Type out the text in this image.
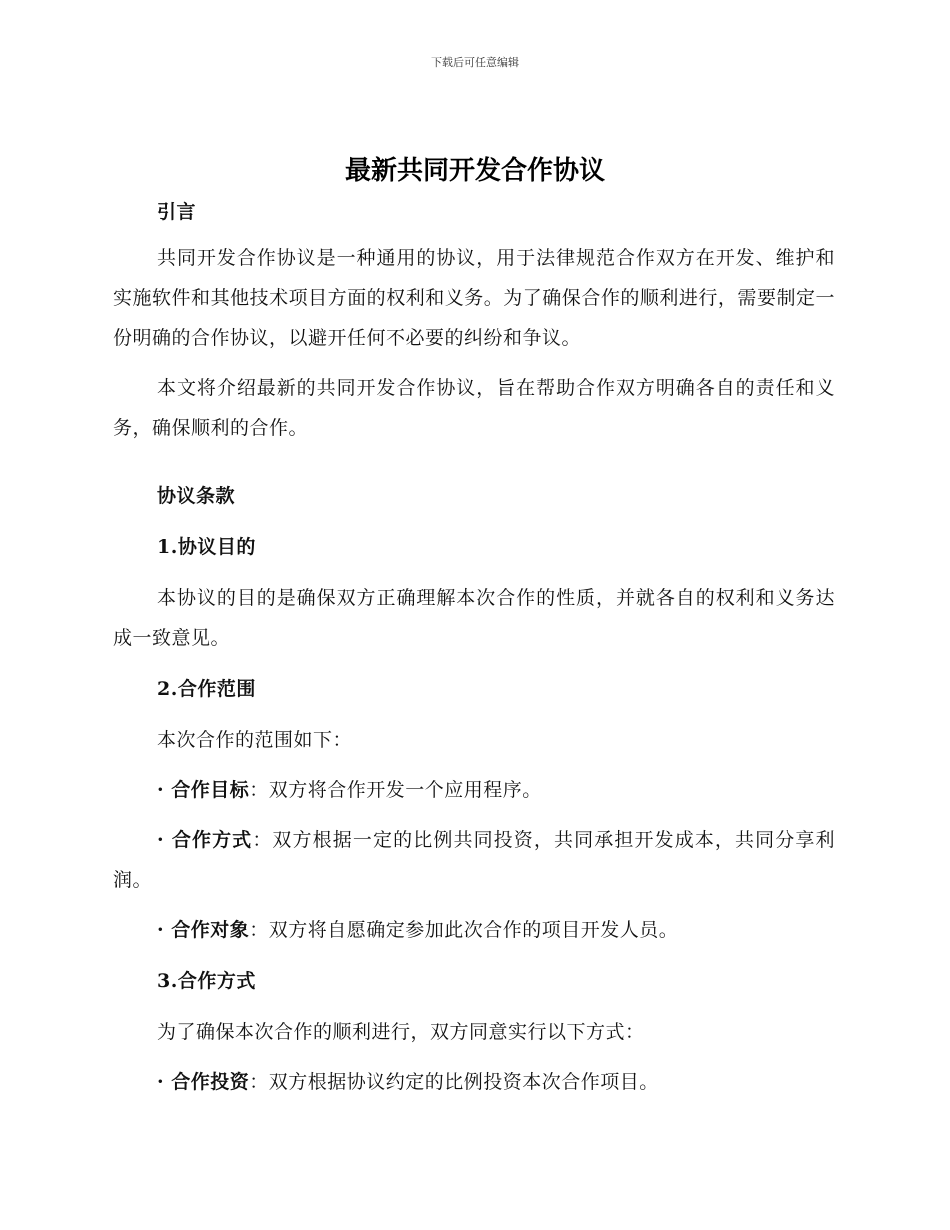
下载后可任意编辑
最新共同开发合作协议
引言
共同开发合作协议是一种通用的协议，用于法律规范合作双方在开发、维护和实施软件和其他技术项目方面的权利和义务。为了确保合作的顺利进行，需要制定一份明确的合作协议，以避开任何不必要的纠纷和争议。
本文将介绍最新的共同开发合作协议，旨在帮助合作双方明确各自的责任和义务，确保顺利的合作。
协议条款
1.协议目的
本协议的目的是确保双方正确理解本次合作的性质，并就各自的权利和义务达成一致意见。
2.合作范围
本次合作的范围如下：
· 合作目标：双方将合作开发一个应用程序。
· 合作方式：双方根据一定的比例共同投资，共同承担开发成本，共同分享利润。
· 合作对象：双方将自愿确定参加此次合作的项目开发人员。
3.合作方式
为了确保本次合作的顺利进行，双方同意实行以下方式：
· 合作投资：双方根据协议约定的比例投资本次合作项目。
